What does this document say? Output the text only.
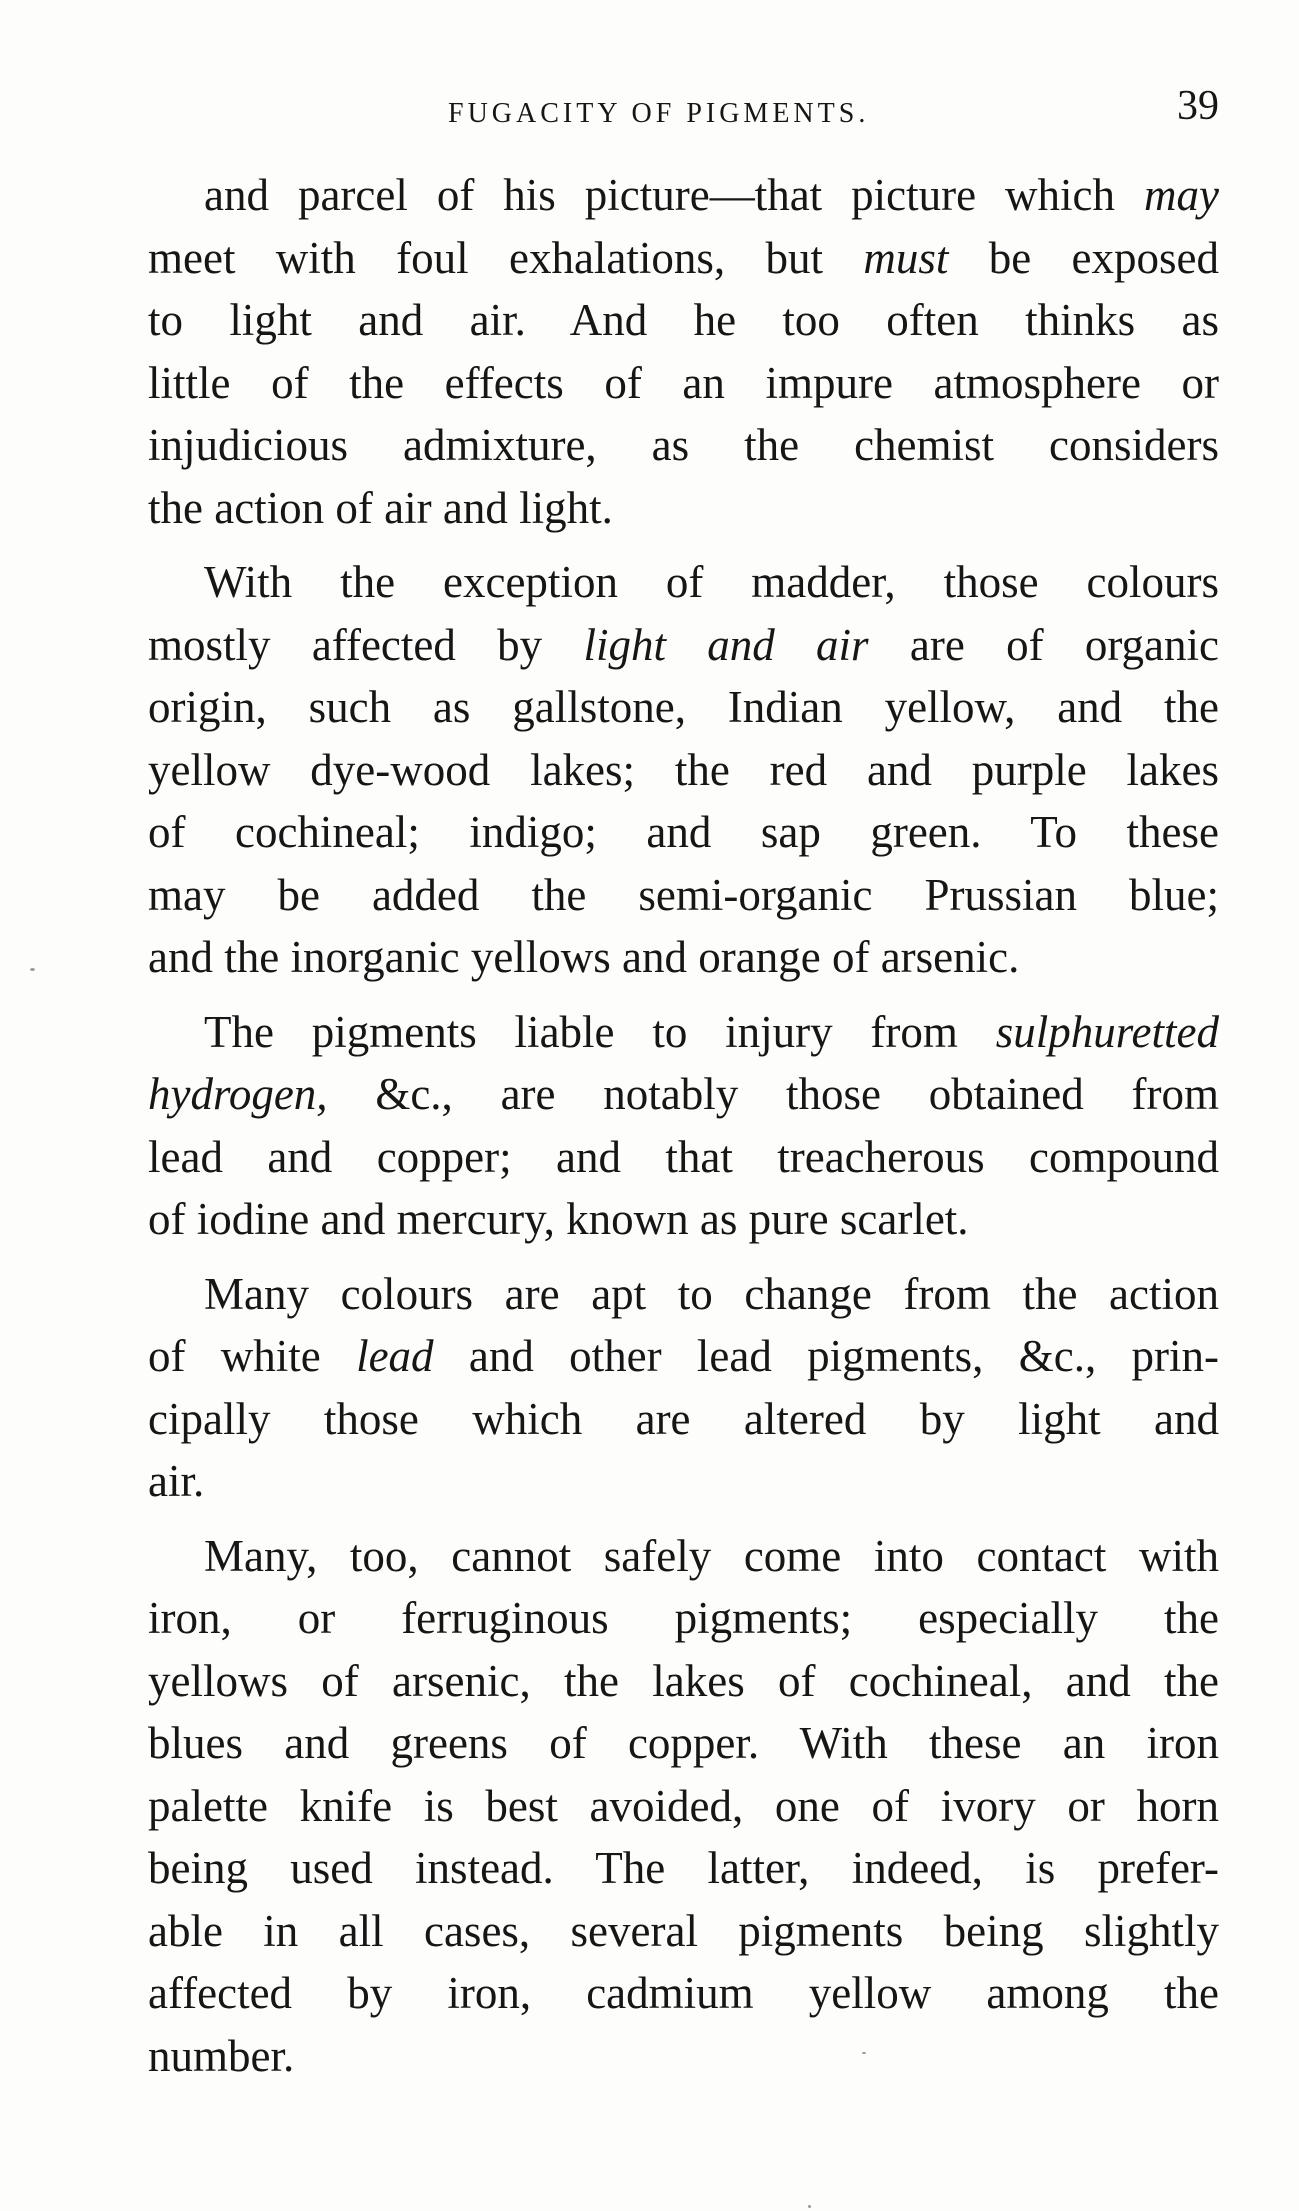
FUGACITY OF PIGMENTS.	39
and parcel of his picture—that picture which may
meet with foul exhalations, but must be exposed
to light and air. And he too often thinks as
little of the effects of an impure atmosphere or
injudicious admixture, as the chemist considers
the action of air and light.
With the exception of madder, those colours
mostly affected by light and air are of organic
origin, such as gallstone, Indian yellow, and the
yellow dye-wood lakes; the red and purple lakes
of cochineal; indigo; and sap green. To these
may be added the semi-organic Prussian blue;
and the inorganic yellows and orange of arsenic.
The pigments liable to injury from sulphuretted
hydrogen, &c., are notably those obtained from
lead and copper; and that treacherous compound
of iodine and mercury, known as pure scarlet.
Many colours are apt to change from the action
of white lead and other lead pigments, &c., prin-
cipally those which are altered by light and
air.
Many, too, cannot safely come into contact with
iron, or ferruginous pigments; especially the
yellows of arsenic, the lakes of cochineal, and the
blues and greens of copper. With these an iron
palette knife is best avoided, one of ivory or horn
being used instead. The latter, indeed, is prefer-
able in all cases, several pigments being slightly
affected by iron, cadmium yellow among the
number.
